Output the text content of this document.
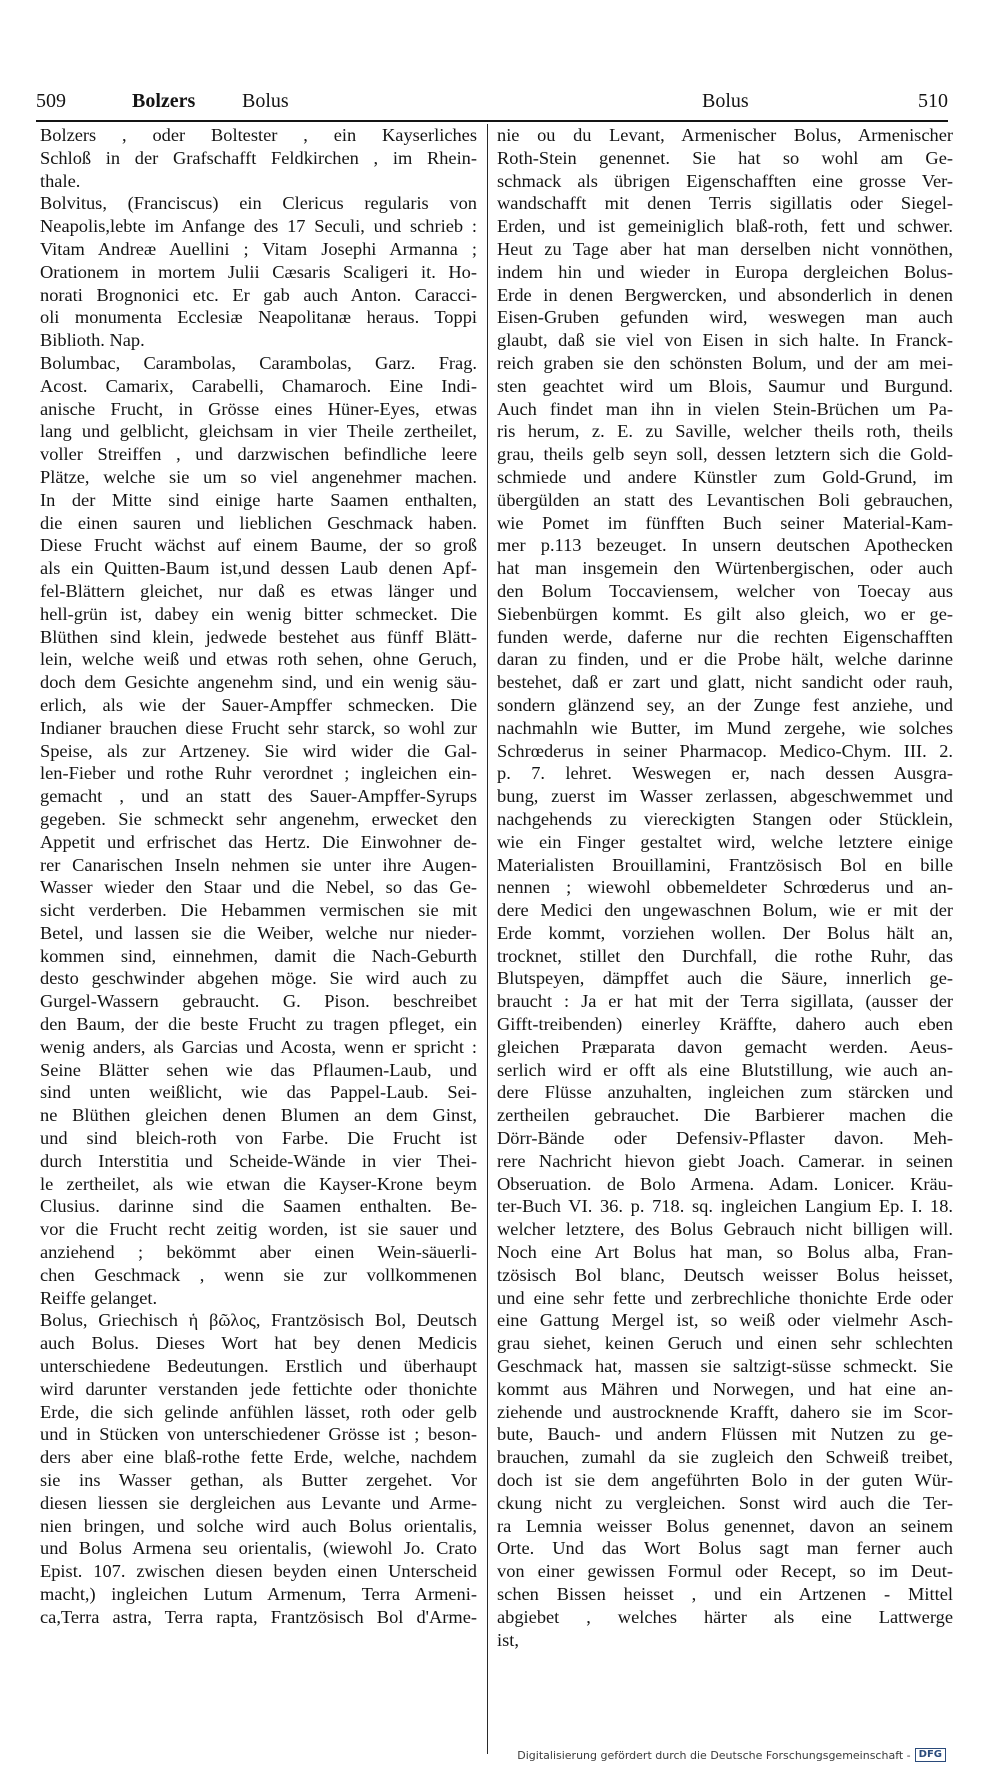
509	Bolzers Bolus	Bolus	510
Bolzers , oder Boltester , ein Kayserliches
Schloß in der Grafschafft Feldkirchen , im Rhein-
thale.
Bolvitus, (Franciscus) ein Clericus regularis von
Neapolis,lebte im Anfange des 17 Seculi, und schrieb :
Vitam Andreæ Auellini ; Vitam Josephi Armanna ;
Orationem in mortem Julii Cæsaris Scaligeri it. Ho-
norati Brognonici etc. Er gab auch Anton. Caracci-
oli monumenta Ecclesiæ Neapolitanæ heraus. Toppi
Biblioth. Nap.
Bolumbac, Carambolas, Carambolas, Garz. Frag.
Acost. Camarix, Carabelli, Chamaroch. Eine Indi-
anische Frucht, in Grösse eines Hüner-Eyes, etwas
lang und gelblicht, gleichsam in vier Theile zertheilet,
voller Streiffen , und darzwischen befindliche leere
Plätze, welche sie um so viel angenehmer machen.
In der Mitte sind einige harte Saamen enthalten,
die einen sauren und lieblichen Geschmack haben.
Diese Frucht wächst auf einem Baume, der so groß
als ein Quitten-Baum ist,und dessen Laub denen Apf-
fel-Blättern gleichet, nur daß es etwas länger und
hell-grün ist, dabey ein wenig bitter schmecket. Die
Blüthen sind klein, jedwede bestehet aus fünff Blätt-
lein, welche weiß und etwas roth sehen, ohne Geruch,
doch dem Gesichte angenehm sind, und ein wenig säu-
erlich, als wie der Sauer-Ampffer schmecken. Die
Indianer brauchen diese Frucht sehr starck, so wohl zur
Speise, als zur Artzeney. Sie wird wider die Gal-
len-Fieber und rothe Ruhr verordnet ; ingleichen ein-
gemacht , und an statt des Sauer-Ampffer-Syrups
gegeben. Sie schmeckt sehr angenehm, erwecket den
Appetit und erfrischet das Hertz. Die Einwohner de-
rer Canarischen Inseln nehmen sie unter ihre Augen-
Wasser wieder den Staar und die Nebel, so das Ge-
sicht verderben. Die Hebammen vermischen sie mit
Betel, und lassen sie die Weiber, welche nur nieder-
kommen sind, einnehmen, damit die Nach-Geburth
desto geschwinder abgehen möge. Sie wird auch zu
Gurgel-Wassern gebraucht. G. Pison. beschreibet
den Baum, der die beste Frucht zu tragen pfleget, ein
wenig anders, als Garcias und Acosta, wenn er spricht :
Seine Blätter sehen wie das Pflaumen-Laub, und
sind unten weißlicht, wie das Pappel-Laub. Sei-
ne Blüthen gleichen denen Blumen an dem Ginst,
und sind bleich-roth von Farbe. Die Frucht ist
durch Interstitia und Scheide-Wände in vier Thei-
le zertheilet, als wie etwan die Kayser-Krone beym
Clusius. darinne sind die Saamen enthalten. Be-
vor die Frucht recht zeitig worden, ist sie sauer und
anziehend ; bekömmt aber einen Wein-säuerli-
chen Geschmack , wenn sie zur vollkommenen
Reiffe gelanget.
Bolus, Griechisch ἡ βῶλος, Frantzösisch Bol, Deutsch
auch Bolus. Dieses Wort hat bey denen Medicis
unterschiedene Bedeutungen. Erstlich und überhaupt
wird darunter verstanden jede fettichte oder thonichte
Erde, die sich gelinde anfühlen lässet, roth oder gelb
und in Stücken von unterschiedener Grösse ist ; beson-
ders aber eine blaß-rothe fette Erde, welche, nachdem
sie ins Wasser gethan, als Butter zergehet. Vor
diesen liessen sie dergleichen aus Levante und Arme-
nien bringen, und solche wird auch Bolus orientalis,
und Bolus Armena seu orientalis, (wiewohl Jo. Crato
Epist. 107. zwischen diesen beyden einen Unterscheid
macht,) ingleichen Lutum Armenum, Terra Armeni-
ca,Terra astra, Terra rapta, Frantzösisch Bol d'Arme-
nie ou du Levant, Armenischer Bolus, Armenischer
Roth-Stein genennet. Sie hat so wohl am Ge-
schmack als übrigen Eigenschafften eine grosse Ver-
wandschafft mit denen Terris sigillatis oder Siegel-
Erden, und ist gemeiniglich blaß-roth, fett und schwer.
Heut zu Tage aber hat man derselben nicht vonnöthen,
indem hin und wieder in Europa dergleichen Bolus-
Erde in denen Bergwercken, und absonderlich in denen
Eisen-Gruben gefunden wird, weswegen man auch
glaubt, daß sie viel von Eisen in sich halte. In Franck-
reich graben sie den schönsten Bolum, und der am mei-
sten geachtet wird um Blois, Saumur und Burgund.
Auch findet man ihn in vielen Stein-Brüchen um Pa-
ris herum, z. E. zu Saville, welcher theils roth, theils
grau, theils gelb seyn soll, dessen letztern sich die Gold-
schmiede und andere Künstler zum Gold-Grund, im
übergülden an statt des Levantischen Boli gebrauchen,
wie Pomet im fünfften Buch seiner Material-Kam-
mer p.113 bezeuget. In unsern deutschen Apothecken
hat man insgemein den Würtenbergischen, oder auch
den Bolum Toccaviensem, welcher von Toecay aus
Siebenbürgen kommt. Es gilt also gleich, wo er ge-
funden werde, daferne nur die rechten Eigenschafften
daran zu finden, und er die Probe hält, welche darinne
bestehet, daß er zart und glatt, nicht sandicht oder rauh,
sondern glänzend sey, an der Zunge fest anziehe, und
nachmahln wie Butter, im Mund zergehe, wie solches
Schrœderus in seiner Pharmacop. Medico-Chym. III. 2.
p. 7. lehret. Weswegen er, nach dessen Ausgra-
bung, zuerst im Wasser zerlassen, abgeschwemmet und
nachgehends zu viereckigten Stangen oder Stücklein,
wie ein Finger gestaltet wird, welche letztere einige
Materialisten Brouillamini, Frantzösisch Bol en bille
nennen ; wiewohl obbemeldeter Schrœderus und an-
dere Medici den ungewaschnen Bolum, wie er mit der
Erde kommt, vorziehen wollen. Der Bolus hält an,
trocknet, stillet den Durchfall, die rothe Ruhr, das
Blutspeyen, dämpffet auch die Säure, innerlich ge-
braucht : Ja er hat mit der Terra sigillata, (ausser der
Gifft-treibenden) einerley Kräffte, dahero auch eben
gleichen Præparata davon gemacht werden. Aeus-
serlich wird er offt als eine Blutstillung, wie auch an-
dere Flüsse anzuhalten, ingleichen zum stärcken und
zertheilen gebrauchet. Die Barbierer machen die
Dörr-Bände oder Defensiv-Pflaster davon. Meh-
rere Nachricht hievon giebt Joach. Camerar. in seinen
Obseruation. de Bolo Armena. Adam. Lonicer. Kräu-
ter-Buch VI. 36. p. 718. sq. ingleichen Langium Ep. I. 18.
welcher letztere, des Bolus Gebrauch nicht billigen will.
Noch eine Art Bolus hat man, so Bolus alba, Fran-
tzösisch Bol blanc, Deutsch weisser Bolus heisset,
und eine sehr fette und zerbrechliche thonichte Erde oder
eine Gattung Mergel ist, so weiß oder vielmehr Asch-
grau siehet, keinen Geruch und einen sehr schlechten
Geschmack hat, massen sie saltzigt-süsse schmeckt. Sie
kommt aus Mähren und Norwegen, und hat eine an-
ziehende und austrocknende Krafft, dahero sie im Scor-
bute, Bauch- und andern Flüssen mit Nutzen zu ge-
brauchen, zumahl da sie zugleich den Schweiß treibet,
doch ist sie dem angeführten Bolo in der guten Wür-
ckung nicht zu vergleichen. Sonst wird auch die Ter-
ra Lemnia weisser Bolus genennet, davon an seinem
Orte. Und das Wort Bolus sagt man ferner auch
von einer gewissen Formul oder Recept, so im Deut-
schen Bissen heisset , und ein Artzenen - Mittel
abgiebet , welches härter als eine Lattwerge
ist,
Digitalisierung gefördert durch die Deutsche Forschungsgemeinschaft - DFG
